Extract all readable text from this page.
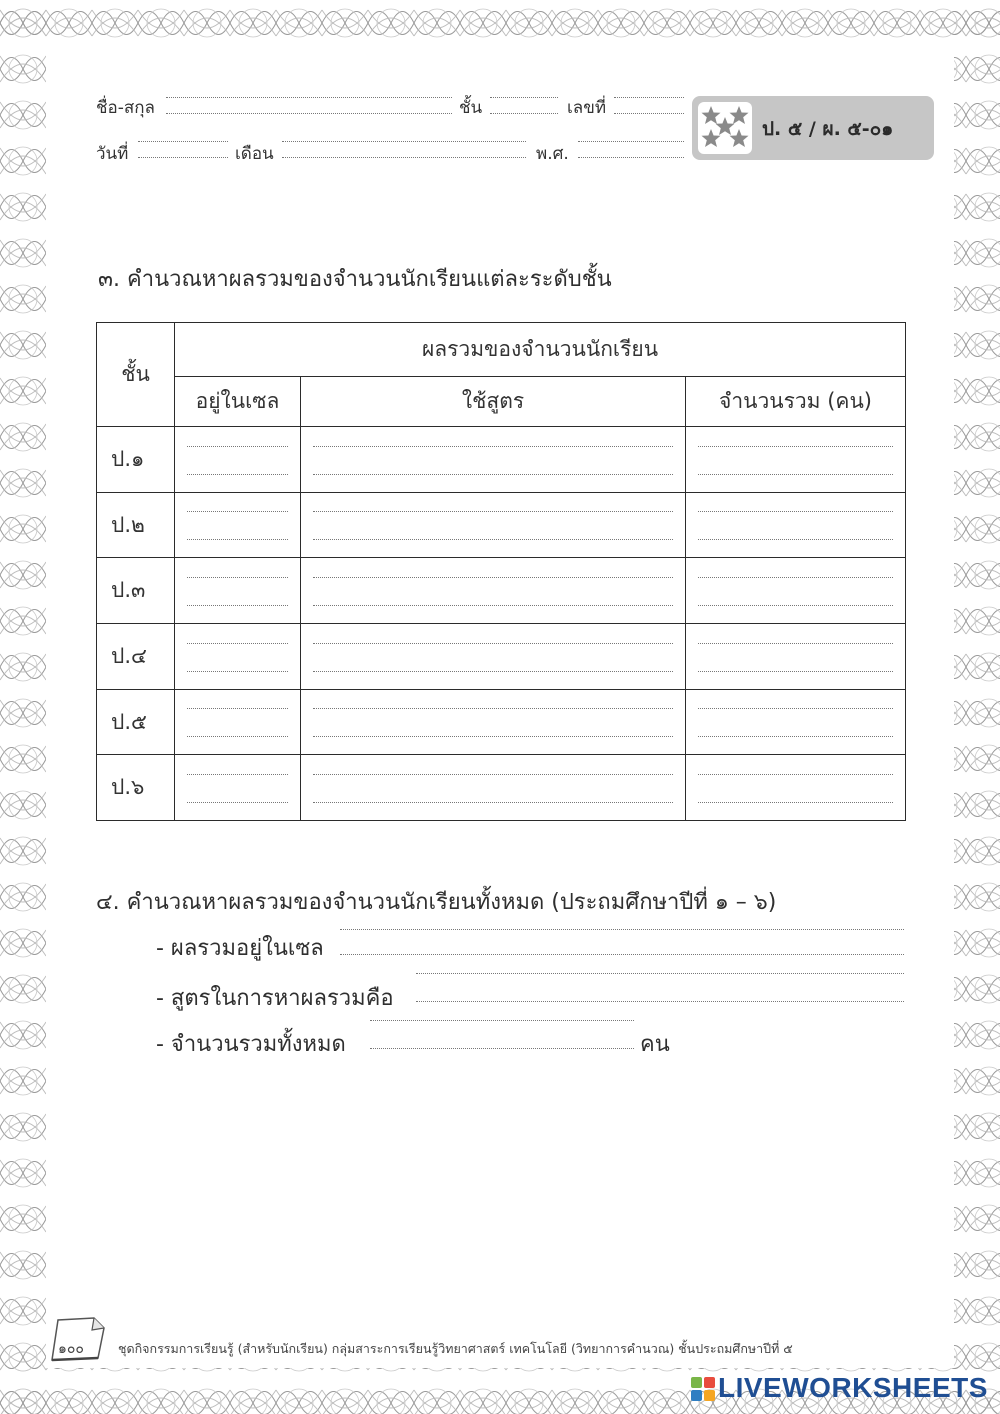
ชื่อ-สกุล	ชั้น	เลขที่
วันที่	เดือน	พ.ศ.
ป. ๕ / ผ. ๕-๐๑
๓. คำนวณหาผลรวมของจำนวนนักเรียนแต่ละระดับชั้น
ชั้น	ผลรวมของจำนวนนักเรียน		
	อยู่ในเซล	ใช้สูตร	จำนวนรวม (คน)
ป.๑	

ป.๒	

ป.๓	

ป.๔	

ป.๕	

ป.๖	

๔. คำนวณหาผลรวมของจำนวนนักเรียนทั้งหมด (ประถมศึกษาปีที่ ๑ – ๖)
- ผลรวมอยู่ในเซล
- สูตรในการหาผลรวมคือ
- จำนวนรวมทั้งหมด	คน
๑๐๐	ชุดกิจกรรมการเรียนรู้ (สำหรับนักเรียน) กลุ่มสาระการเรียนรู้วิทยาศาสตร์ เทคโนโลยี (วิทยาการคำนวณ) ชั้นประถมศึกษาปีที่ ๕
LIVEWORKSHEETS
